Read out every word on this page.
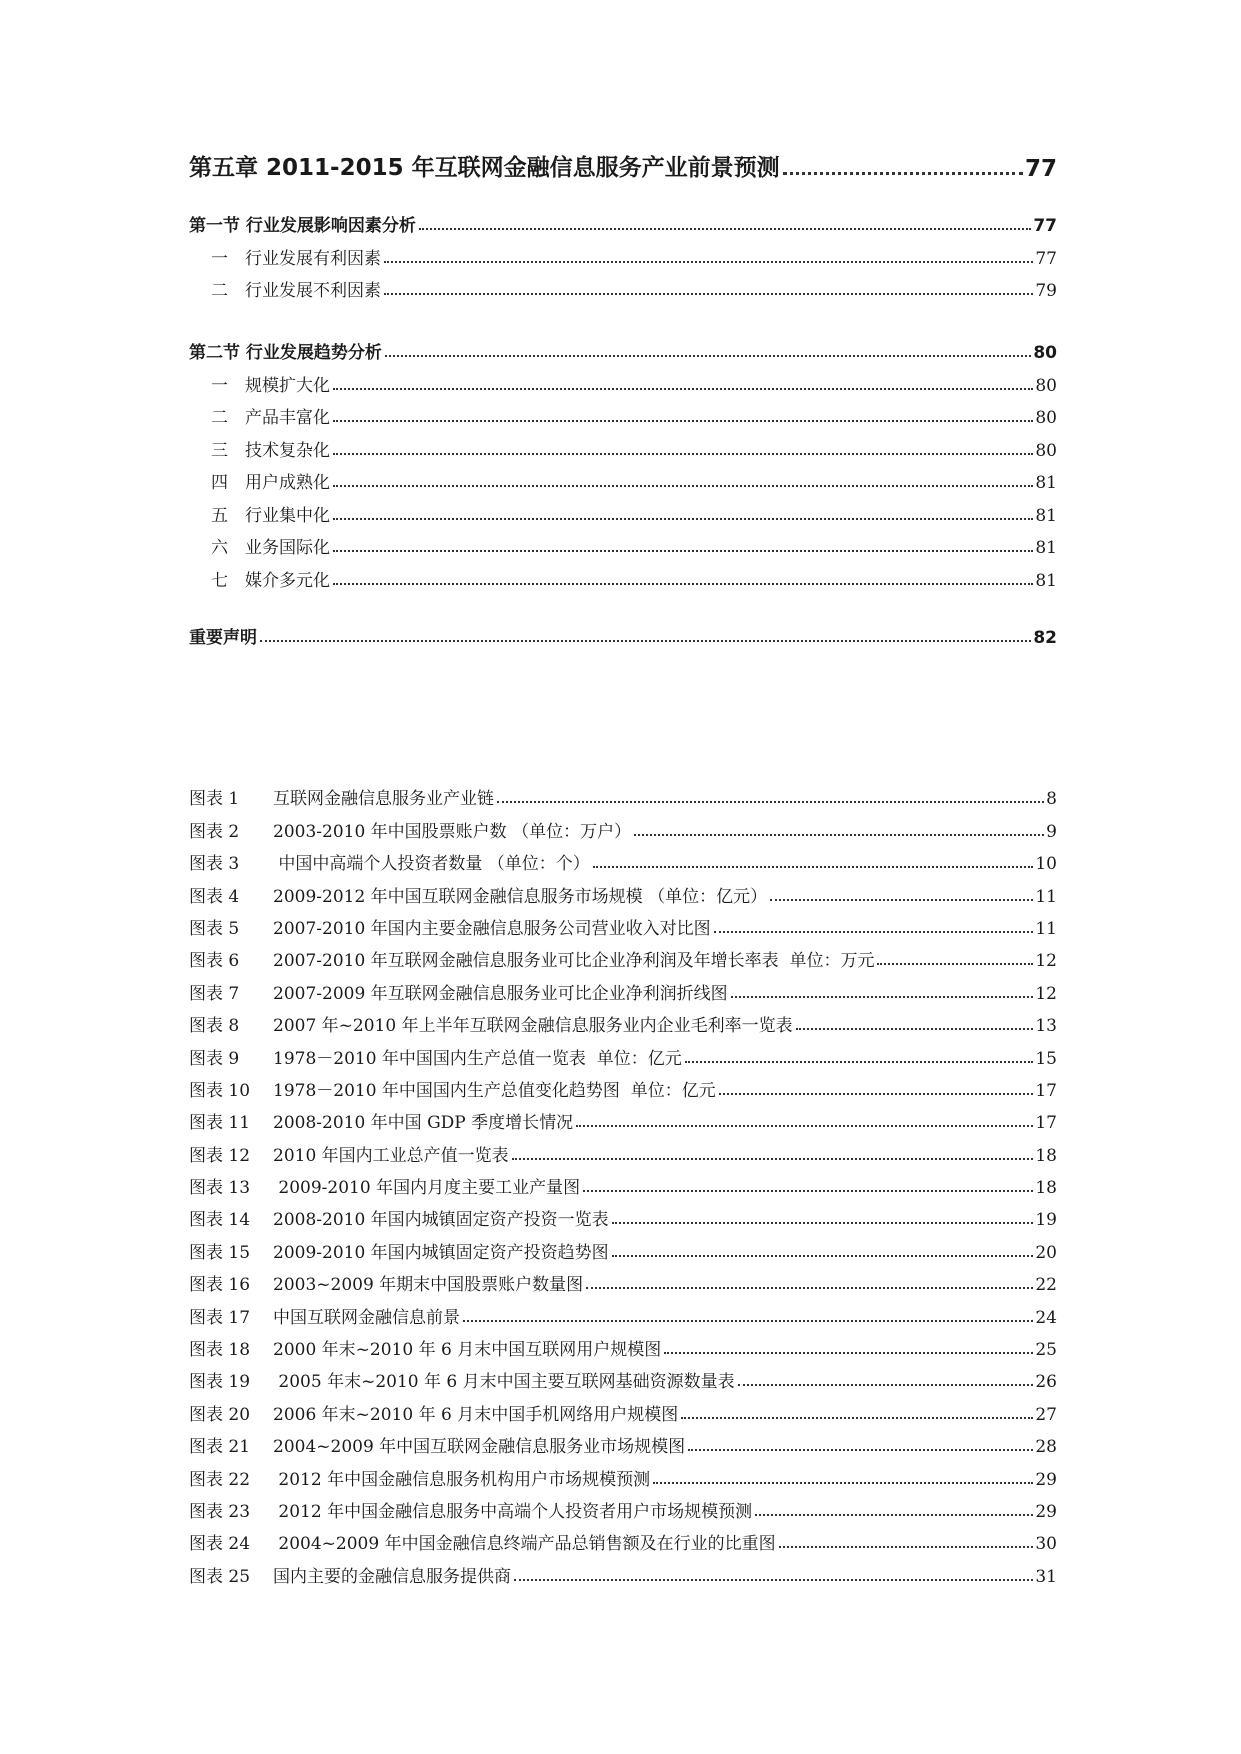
第五章 2011-2015 年互联网金融信息服务产业前景预测	77
第一节 行业发展影响因素分析	77
一 行业发展有利因素	77
二 行业发展不利因素	79
第二节 行业发展趋势分析	80
一 规模扩大化	80
二 产品丰富化	80
三 技术复杂化	80
四 用户成熟化	81
五 行业集中化	81
六 业务国际化	81
七 媒介多元化	81
重要声明	82
图表 1 互联网金融信息服务业产业链	8
图表 2 2003-2010 年中国股票账户数 （单位：万户）	9
图表 3 中国中高端个人投资者数量 （单位：个）	10
图表 4 2009-2012 年中国互联网金融信息服务市场规模 （单位：亿元）	11
图表 5 2007-2010 年国内主要金融信息服务公司营业收入对比图	11
图表 6 2007-2010 年互联网金融信息服务业可比企业净利润及年增长率表  单位：万元	12
图表 7 2007-2009 年互联网金融信息服务业可比企业净利润折线图	12
图表 8 2007 年~2010 年上半年互联网金融信息服务业内企业毛利率一览表	13
图表 9 1978－2010 年中国国内生产总值一览表  单位：亿元	15
图表 10 1978－2010 年中国国内生产总值变化趋势图  单位：亿元	17
图表 11 2008-2010 年中国 GDP 季度增长情况	17
图表 12 2010 年国内工业总产值一览表	18
图表 13 2009-2010 年国内月度主要工业产量图	18
图表 14 2008-2010 年国内城镇固定资产投资一览表	19
图表 15 2009-2010 年国内城镇固定资产投资趋势图	20
图表 16 2003~2009 年期末中国股票账户数量图	22
图表 17 中国互联网金融信息前景	24
图表 18 2000 年末~2010 年 6 月末中国互联网用户规模图	25
图表 19 2005 年末~2010 年 6 月末中国主要互联网基础资源数量表	26
图表 20 2006 年末~2010 年 6 月末中国手机网络用户规模图	27
图表 21 2004~2009 年中国互联网金融信息服务业市场规模图	28
图表 22 2012 年中国金融信息服务机构用户市场规模预测	29
图表 23 2012 年中国金融信息服务中高端个人投资者用户市场规模预测	29
图表 24 2004~2009 年中国金融信息终端产品总销售额及在行业的比重图	30
图表 25 国内主要的金融信息服务提供商	31
